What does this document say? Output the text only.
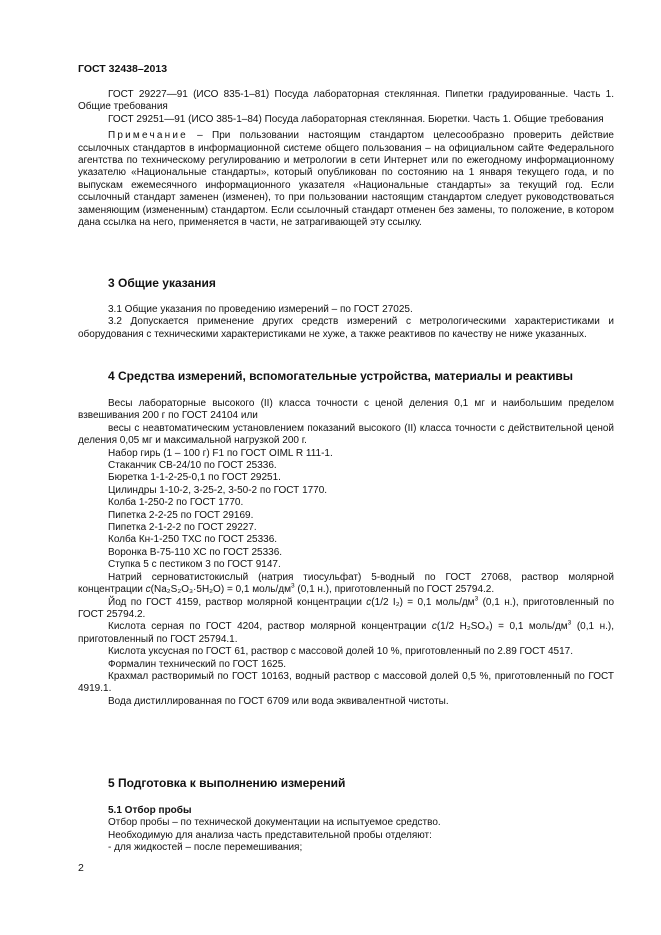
ГОСТ 32438–2013

ГОСТ 29227—91 (ИСО 835-1–81) Посуда лабораторная стеклянная. Пипетки градуированные. Часть 1. Общие требования

ГОСТ 29251—91 (ИСО 385-1–84) Посуда лабораторная стеклянная. Бюретки. Часть 1. Общие требования

Примечание – При пользовании настоящим стандартом целесообразно проверить действие ссылочных стандартов в информационной системе общего пользования – на официальном сайте Федерального агентства по техническому регулированию и метрологии в сети Интернет или по ежегодному информационному указателю «Национальные стандарты», который опубликован по состоянию на 1 января текущего года, и по выпускам ежемесячного информационного указателя «Национальные стандарты» за текущий год. Если ссылочный стандарт заменен (изменен), то при пользовании настоящим стандартом следует руководствоваться заменяющим (измененным) стандартом. Если ссылочный стандарт отменен без замены, то положение, в котором дана ссылка на него, применяется в части, не затрагивающей эту ссылку.

3 Общие указания

3.1 Общие указания по проведению измерений – по ГОСТ 27025.

3.2 Допускается применение других средств измерений с метрологическими характеристиками и оборудования с техническими характеристиками не хуже, а также реактивов по качеству не ниже указанных.

4 Средства измерений, вспомогательные устройства, материалы и реактивы

Весы лабораторные высокого (II) класса точности с ценой деления 0,1 мг и наибольшим пределом взвешивания 200 г по ГОСТ 24104 или

весы с неавтоматическим установлением показаний высокого (II) класса точности с действительной ценой деления 0,05 мг и максимальной нагрузкой 200 г.

Набор гирь (1 – 100 г) F1 по ГОСТ OIML R 111-1.

Стаканчик СВ-24/10 по ГОСТ 25336.

Бюретка 1-1-2-25-0,1 по ГОСТ 29251.

Цилиндры 1-10-2, 3-25-2, 3-50-2 по ГОСТ 1770.

Колба 1-250-2 по ГОСТ 1770.

Пипетка 2-2-25 по ГОСТ 29169.

Пипетка 2-1-2-2 по ГОСТ 29227.

Колба Кн-1-250 ТХС по ГОСТ 25336.

Воронка В-75-110 ХС по ГОСТ 25336.

Ступка 5 с пестиком 3 по ГОСТ 9147.

Натрий серноватистокислый (натрия тиосульфат) 5-водный по ГОСТ 27068, раствор молярной концентрации c(Na₂S₂O₃·5H₂O) = 0,1 моль/$дм^3$ (0,1 н.), приготовленный по ГОСТ 25794.2.

Йод по ГОСТ 4159, раствор молярной концентрации c(1/2 I₂) = 0,1 моль/$дм^3$ (0,1 н.), приготовленный по ГОСТ 25794.2.

Кислота серная по ГОСТ 4204, раствор молярной концентрации c(1/2 H₂SO₄) = 0,1 моль/$дм^3$ (0,1 н.), приготовленный по ГОСТ 25794.1.

Кислота уксусная по ГОСТ 61, раствор с массовой долей 10 %, приготовленный по 2.89 ГОСТ 4517.

Формалин технический по ГОСТ 1625.

Крахмал растворимый по ГОСТ 10163, водный раствор с массовой долей 0,5 %, приготовленный по ГОСТ 4919.1.

Вода дистиллированная по ГОСТ 6709 или вода эквивалентной чистоты.

5 Подготовка к выполнению измерений

5.1 Отбор пробы

Отбор пробы – по технической документации на испытуемое средство.

Необходимую для анализа часть представительной пробы отделяют:

- для жидкостей – после перемешивания;

2
